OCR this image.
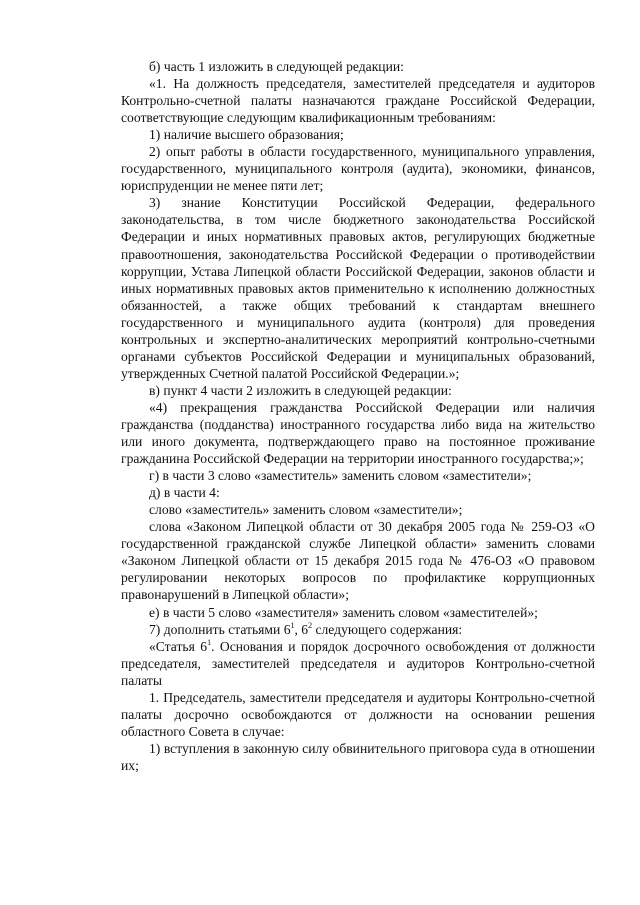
б) часть 1 изложить в следующей редакции:

«1. На должность председателя, заместителей председателя и аудиторов Контрольно-счетной палаты назначаются граждане Российской Федерации, соответствующие следующим квалификационным требованиям:

1) наличие высшего образования;

2) опыт работы в области государственного, муниципального управления, государственного, муниципального контроля (аудита), экономики, финансов, юриспруденции не менее пяти лет;

3) знание Конституции Российской Федерации, федерального законодательства, в том числе бюджетного законодательства Российской Федерации и иных нормативных правовых актов, регулирующих бюджетные правоотношения, законодательства Российской Федерации о противодействии коррупции, Устава Липецкой области Российской Федерации, законов области и иных нормативных правовых актов применительно к исполнению должностных обязанностей, а также общих требований к стандартам внешнего государственного и муниципального аудита (контроля) для проведения контрольных и экспертно-аналитических мероприятий контрольно-счетными органами субъектов Российской Федерации и муниципальных образований, утвержденных Счетной палатой Российской Федерации.»;

в) пункт 4 части 2 изложить в следующей редакции:

«4) прекращения гражданства Российской Федерации или наличия гражданства (подданства) иностранного государства либо вида на жительство или иного документа, подтверждающего право на постоянное проживание гражданина Российской Федерации на территории иностранного государства;»;

г) в части 3 слово «заместитель» заменить словом «заместители»;

д) в части 4:

слово «заместитель» заменить словом «заместители»;

слова «Законом Липецкой области от 30 декабря 2005 года № 259-ОЗ «О государственной гражданской службе Липецкой области» заменить словами «Законом Липецкой области от 15 декабря 2015 года № 476-ОЗ «О правовом регулировании некоторых вопросов по профилактике коррупционных правонарушений в Липецкой области»;

е) в части 5 слово «заместителя» заменить словом «заместителей»;

7) дополнить статьями $6^1$, $6^2$ следующего содержания:

«Статья $6^1$. Основания и порядок досрочного освобождения от должности председателя, заместителей председателя и аудиторов Контрольно-счетной палаты

1. Председатель, заместители председателя и аудиторы Контрольно-счетной палаты досрочно освобождаются от должности на основании решения областного Совета в случае:

1) вступления в законную силу обвинительного приговора суда в отношении их;
